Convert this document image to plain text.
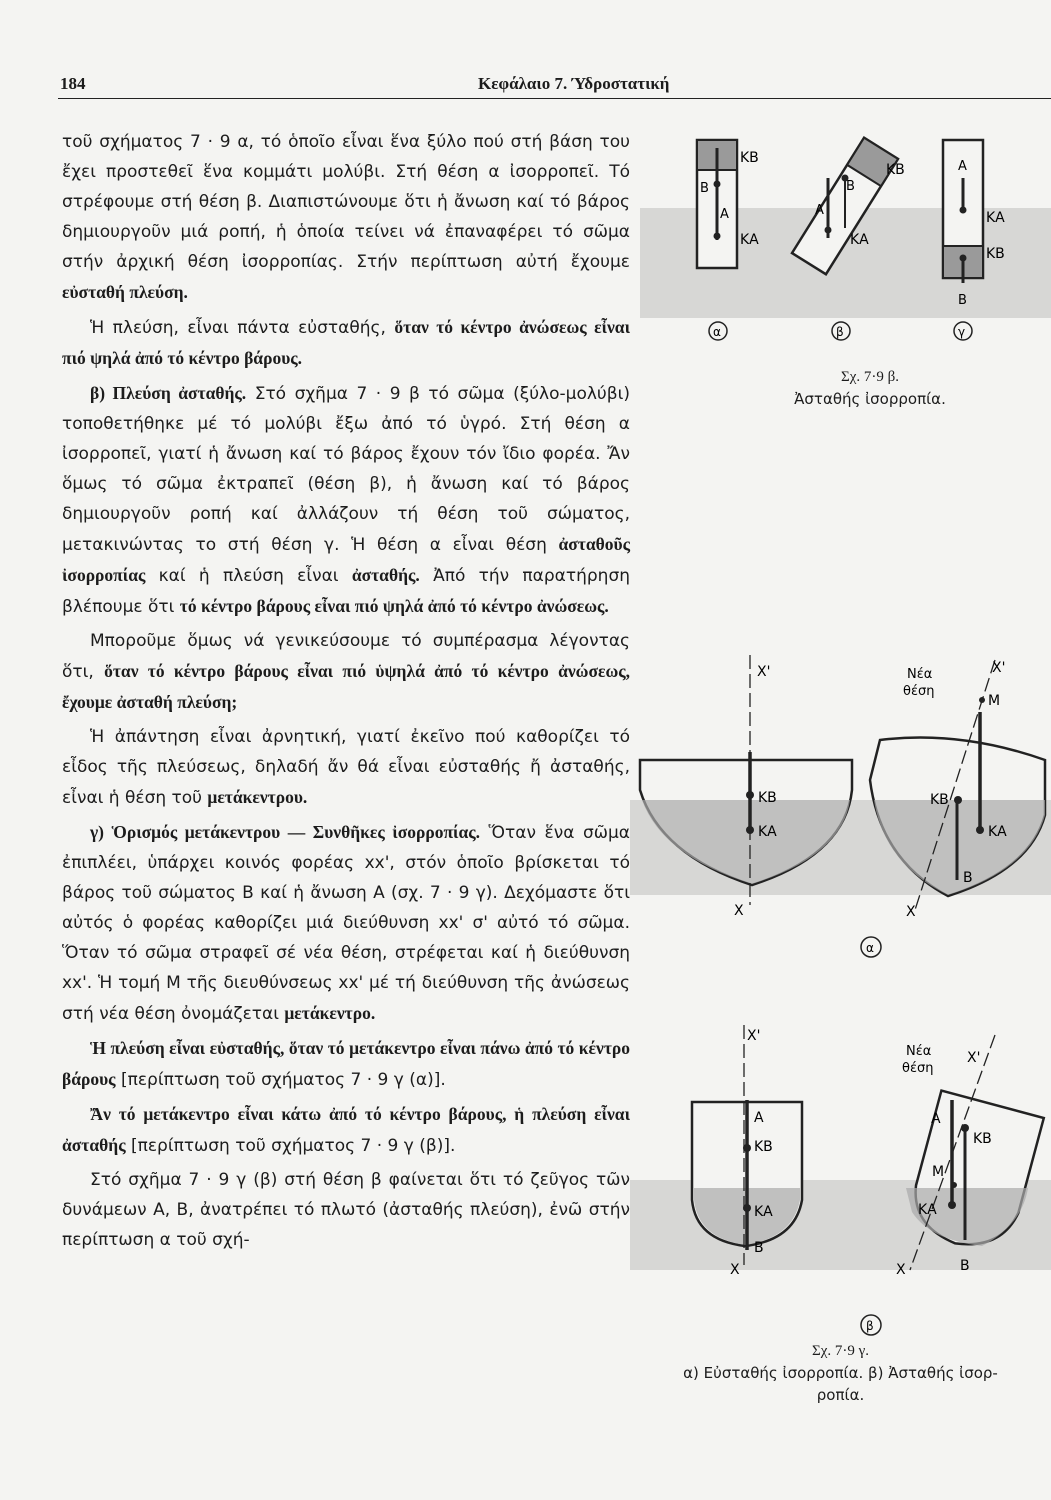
184	Κεφάλαιο 7. Ύδροστατική

τοῦ σχήματος 7 · 9 α, τό ὁποῖο εἶναι ἕνα ξύλο πού στή βάση του ἔχει προστεθεῖ ἕνα κομμάτι μολύβι. Στή θέση α ἰσορροπεῖ. Τό στρέφουμε στή θέση β. Διαπιστώνουμε ὅτι ἡ ἄνωση καί τό βάρος δημιουργοῦν μιά ροπή, ἡ ὁποία τείνει νά ἐπαναφέρει τό σῶμα στήν ἀρχική θέση ἰσορροπίας. Στήν περίπτωση αὐτή ἔχουμε εὐσταθή πλεύση.

Ἡ πλεύση, εἶναι πάντα εὐσταθής, ὅταν τό κέντρο ἀνώσεως εἶναι πιό ψηλά ἀπό τό κέντρο βάρους.

β) Πλεύση ἀσταθής. Στό σχῆμα 7 · 9 β τό σῶμα (ξύλο-μολύβι) τοποθετήθηκε μέ τό μολύβι ἔξω ἀπό τό ὑγρό. Στή θέση α ἰσορροπεῖ, γιατί ἡ ἄνωση καί τό βάρος ἔχουν τόν ἴδιο φορέα. Ἄν ὅμως τό σῶμα ἐκτραπεῖ (θέση β), ἡ ἄνωση καί τό βάρος δημιουργοῦν ροπή καί ἀλλάζουν τή θέση τοῦ σώματος, μετακινώντας το στή θέση γ. Ἡ θέση α εἶναι θέση ἀσταθοῦς ἰσορροπίας καί ἡ πλεύση εἶναι ἀσταθής. Ἀπό τήν παρατήρηση βλέπουμε ὅτι τό κέντρο βάρους εἶναι πιό ψηλά ἀπό τό κέντρο ἀνώσεως.

Μποροῦμε ὅμως νά γενικεύσουμε τό συμπέρασμα λέγοντας ὅτι, ὅταν τό κέντρο βάρους εἶναι πιό ὑψηλά ἀπό τό κέντρο ἀνώσεως, ἔχουμε ἀσταθή πλεύση;

Ἡ ἀπάντηση εἶναι ἀρνητική, γιατί ἐκεῖνο πού καθορίζει τό εἶδος τῆς πλεύσεως, δηλαδή ἄν θά εἶναι εὐσταθής ἤ ἀσταθής, εἶναι ἡ θέση τοῦ μετάκεντρου.

γ) Ὁρισμός μετάκεντρου — Συνθῆκες ἰσορροπίας. Ὅταν ἕνα σῶμα ἐπιπλέει, ὑπάρχει κοινός φορέας xx', στόν ὁποῖο βρίσκεται τό βάρος τοῦ σώματος Β καί ἡ ἄνωση Α (σχ. 7 · 9 γ). Δεχόμαστε ὅτι αὐτός ὁ φορέας καθορίζει μιά διεύθυνση xx' σ' αὐτό τό σῶμα. Ὅταν τό σῶμα στραφεῖ σέ νέα θέση, στρέφεται καί ἡ διεύθυνση xx'. Ἡ τομή Μ τῆς διευθύνσεως xx' μέ τή διεύθυνση τῆς ἀνώσεως στή νέα θέση ὀνομάζεται μετάκεντρο.

Ἡ πλεύση εἶναι εὐσταθής, ὅταν τό μετάκεντρο εἶναι πάνω ἀπό τό κέντρο βάρους [περίπτωση τοῦ σχήματος 7 · 9 γ (α)].

Ἄν τό μετάκεντρο εἶναι κάτω ἀπό τό κέντρο βάρους, ἡ πλεύση εἶναι ἀσταθής [περίπτωση τοῦ σχήματος 7 · 9 γ (β)].

Στό σχῆμα 7 · 9 γ (β) στή θέση β φαίνεται ὅτι τό ζεῦγος τῶν δυνάμεων A, B, ἀνατρέπει τό πλωτό (ἀσταθής πλεύση), ἐνῶ στήν περίπτωση α τοῦ σχή-

ΚΒ
ΚΑ
B
A
ΚΒ
ΚΑ
B
A	ΚΑ
ΚΒ
A
B
α	β	γ
Σχ. 7·9 β.
Ἀσταθής ἰσορροπία.
X'
ΚΒ
ΚΑ
X
Νέα
θέση
X'
M
ΚΒ
ΚΑ
B
X
α
X'
A
ΚΒ
ΚΑ
B
X
Νέα
θέση
X'
A
ΚΒ
M
ΚΑ
B
X
β
Σχ. 7·9 γ.
α) Εὐσταθής ἰσορροπία. β) Ἀσταθής ἰσορ-
ροπία.
